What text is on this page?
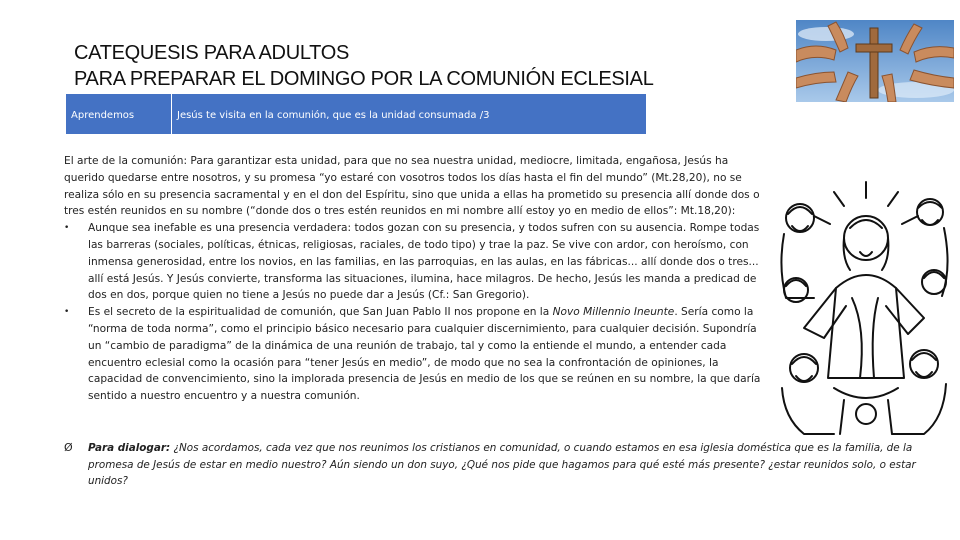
CATEQUESIS PARA ADULTOS
PARA PREPARAR EL DOMINGO POR LA COMUNIÓN ECLESIAL
Aprendemos	Jesús te visita en la comunión, que es la unidad consumada /3

El arte de la comunión: Para garantizar esta unidad, para que no sea nuestra unidad, mediocre, limitada, engañosa, Jesús ha querido quedarse entre nosotros, y su promesa “yo estaré con vosotros todos los días hasta el fin del mundo” (Mt.28,20), no se realiza sólo en su presencia sacramental y en el don del Espíritu, sino que unida a ellas ha prometido su presencia allí donde dos o tres estén reunidos en su nombre (“donde dos o tres estén reunidos en mi nombre allí estoy yo en medio de ellos”: Mt.18,20):

•	Aunque sea inefable es una presencia verdadera: todos gozan con su presencia, y todos sufren con su ausencia. Rompe todas las barreras (sociales, políticas, étnicas, religiosas, raciales, de todo tipo) y trae la paz. Se vive con ardor, con heroísmo, con inmensa generosidad, entre los novios, en las familias, en las parroquias, en las aulas, en las fábricas... allí donde dos o tres... allí está Jesús. Y Jesús convierte, transforma las situaciones, ilumina, hace milagros. De hecho, Jesús les manda a predicad de dos en dos, porque quien no tiene a Jesús no puede dar a Jesús (Cf.: San Gregorio).
•	Es el secreto de la espiritualidad de comunión, que San Juan Pablo II nos propone en la Novo Millennio Ineunte. Sería como la “norma de toda norma”, como el principio básico necesario para cualquier discernimiento, para cualquier decisión. Supondría un “cambio de paradigma” de la dinámica de una reunión de trabajo, tal y como la entiende el mundo, a entender cada encuentro eclesial como la ocasión para “tener Jesús en medio”, de modo que no sea la confrontación de opiniones, la capacidad de convencimiento, sino la implorada presencia de Jesús en medio de los que se reúnen en su nombre, la que daría sentido a nuestro encuentro y a nuestra comunión.
Ø	Para dialogar: ¿Nos acordamos, cada vez que nos reunimos los cristianos en comunidad, o cuando estamos en esa iglesia doméstica que es la familia, de la promesa de Jesús de estar en medio nuestro? Aún siendo un don suyo, ¿Qué nos pide que hagamos para qué esté más presente? ¿estar reunidos solo, o estar unidos?
